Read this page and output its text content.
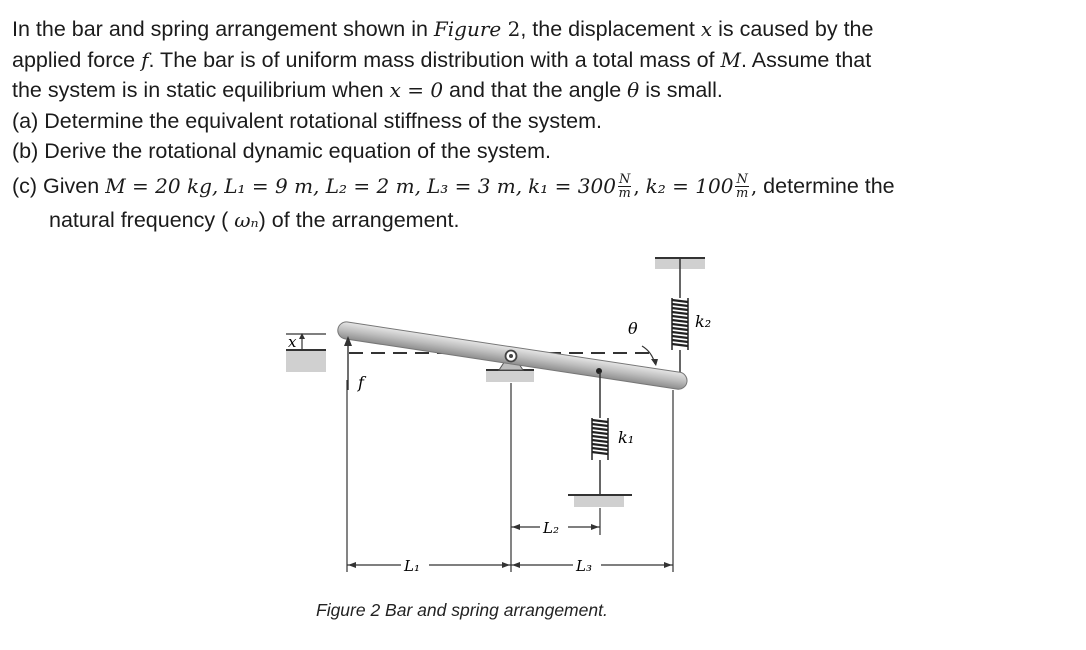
In the bar and spring arrangement shown in Figure 2, the displacement x is caused by the
applied force f. The bar is of uniform mass distribution with a total mass of M. Assume that
the system is in static equilibrium when x = 0 and that the angle θ is small.
(a) Determine the equivalent rotational stiffness of the system.
(b) Derive the rotational dynamic equation of the system.
(c) Given M = 20 kg, L₁ = 9 m, L₂ = 2 m, L₃ = 3 m, $k_1 = 300 \frac{N}{m}$ , $k_2 = 100 \frac{N}{m}$ , determine the
natural frequency ( ωₙ) of the arrangement.
x
θ	k₂
f
k₁
L₂
L₁	L₃
Figure 2 Bar and spring arrangement.
